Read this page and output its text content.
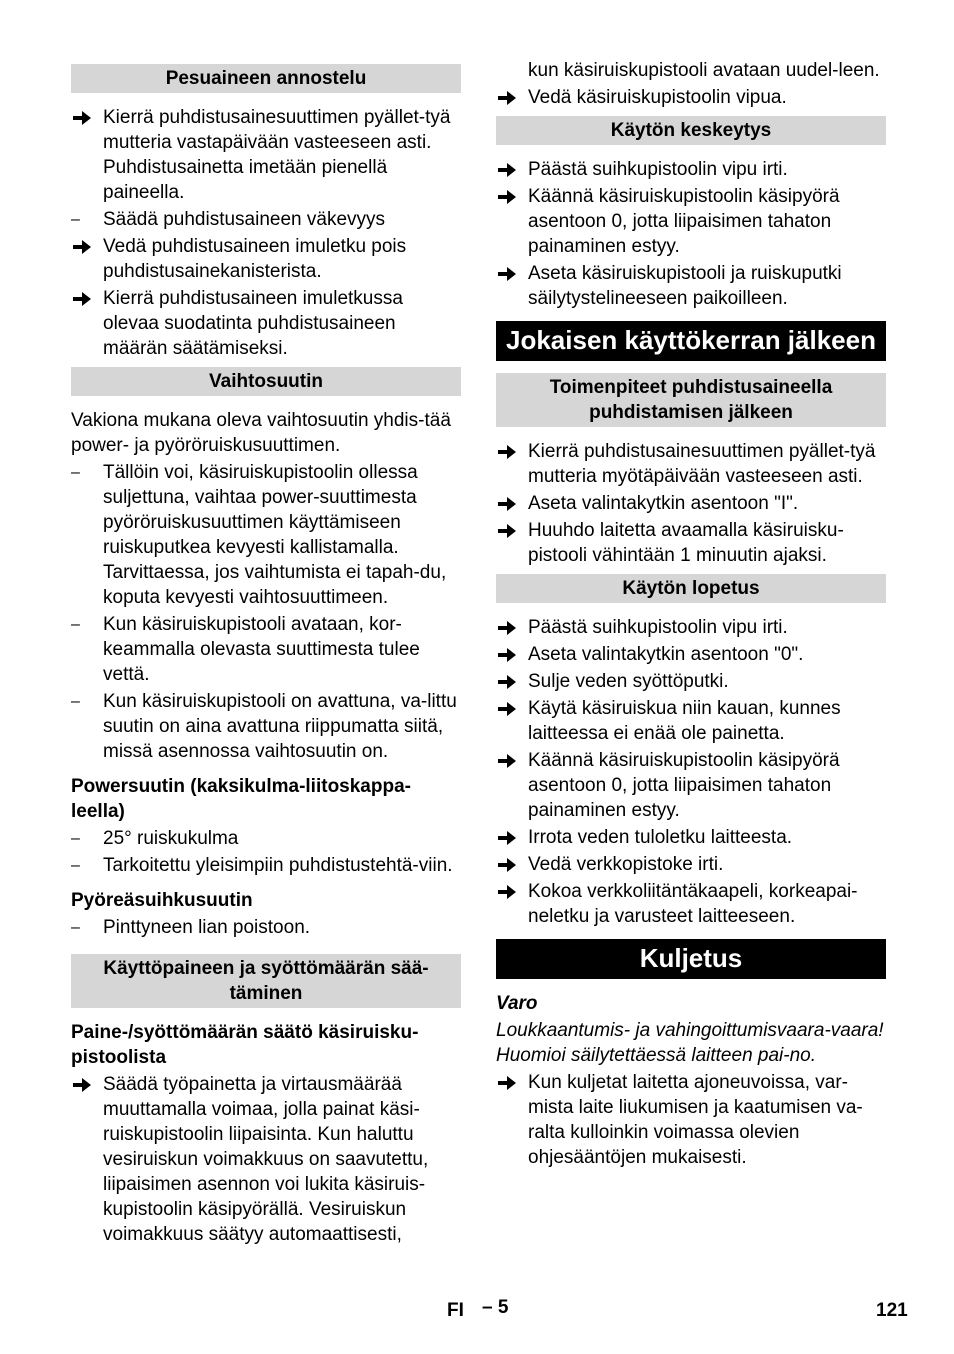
Pesuaineen annostelu
Kierrä puhdistusainesuuttimen pyället-tyä mutteria vastapäivään vasteeseen asti. Puhdistusainetta imetään pienellä paineella.
–	Säädä puhdistusaineen väkevyys
Vedä puhdistusaineen imuletku pois puhdistusainekanisterista.
Kierrä puhdistusaineen imuletkussa olevaa suodatinta puhdistusaineen määrän säätämiseksi.
Vaihtosuutin
Vakiona mukana oleva vaihtosuutin yhdis-tää power- ja pyöröruiskusuuttimen.
–	Tällöin voi, käsiruiskupistoolin ollessa suljettuna, vaihtaa power-suuttimesta pyöröruiskusuuttimen käyttämiseen ruiskuputkea kevyesti kallistamalla. Tarvittaessa, jos vaihtumista ei tapah-du, koputa kevyesti vaihtosuuttimeen.
–	Kun käsiruiskupistooli avataan, kor-keammalla olevasta suuttimesta tulee vettä.
–	Kun käsiruiskupistooli on avattuna, va-littu suutin on aina avattuna riippumatta siitä, missä asennossa vaihtosuutin on.
Powersuutin (kaksikulma-liitoskappa-leella)
–	25° ruiskukulma
–	Tarkoitettu yleisimpiin puhdistustehtä-viin.
Pyöreäsuihkusuutin
–	Pinttyneen lian poistoon.
Käyttöpaineen ja syöttömäärän sää-täminen
Paine-/syöttömäärän säätö käsiruisku-pistoolista
Säädä työpainetta ja virtausmäärää muuttamalla voimaa, jolla painat käsi-ruiskupistoolin liipaisinta. Kun haluttu vesiruiskun voimakkuus on saavutettu, liipaisimen asennon voi lukita käsiruis-kupistoolin käsipyörällä. Vesiruiskun voimakkuus säätyy automaattisesti,
kun käsiruiskupistooli avataan uudel-leen.
Vedä käsiruiskupistoolin vipua.
Käytön keskeytys
Päästä suihkupistoolin vipu irti.
Käännä käsiruiskupistoolin käsipyörä asentoon 0, jotta liipaisimen tahaton painaminen estyy.
Aseta käsiruiskupistooli ja ruiskuputki säilytystelineeseen paikoilleen.
Jokaisen käyttökerran jälkeen
Toimenpiteet puhdistusaineella puhdistamisen jälkeen
Kierrä puhdistusainesuuttimen pyället-tyä mutteria myötäpäivään vasteeseen asti.
Aseta valintakytkin asentoon "I".
Huuhdo laitetta avaamalla käsiruisku-pistooli vähintään 1 minuutin ajaksi.
Käytön lopetus
Päästä suihkupistoolin vipu irti.
Aseta valintakytkin asentoon "0".
Sulje veden syöttöputki.
Käytä käsiruiskua niin kauan, kunnes laitteessa ei enää ole painetta.
Käännä käsiruiskupistoolin käsipyörä asentoon 0, jotta liipaisimen tahaton painaminen estyy.
Irrota veden tuloletku laitteesta.
Vedä verkkopistoke irti.
Kokoa verkkoliitäntäkaapeli, korkeapai-neletku ja varusteet laitteeseen.
Kuljetus
Varo
Loukkaantumis- ja vahingoittumisvaara-vaara! Huomioi säilytettäessä laitteen pai-no.
Kun kuljetat laitetta ajoneuvoissa, var-mista laite liukumisen ja kaatumisen va-ralta kulloinkin voimassa olevien ohjesääntöjen mukaisesti.
FI – 5	121
